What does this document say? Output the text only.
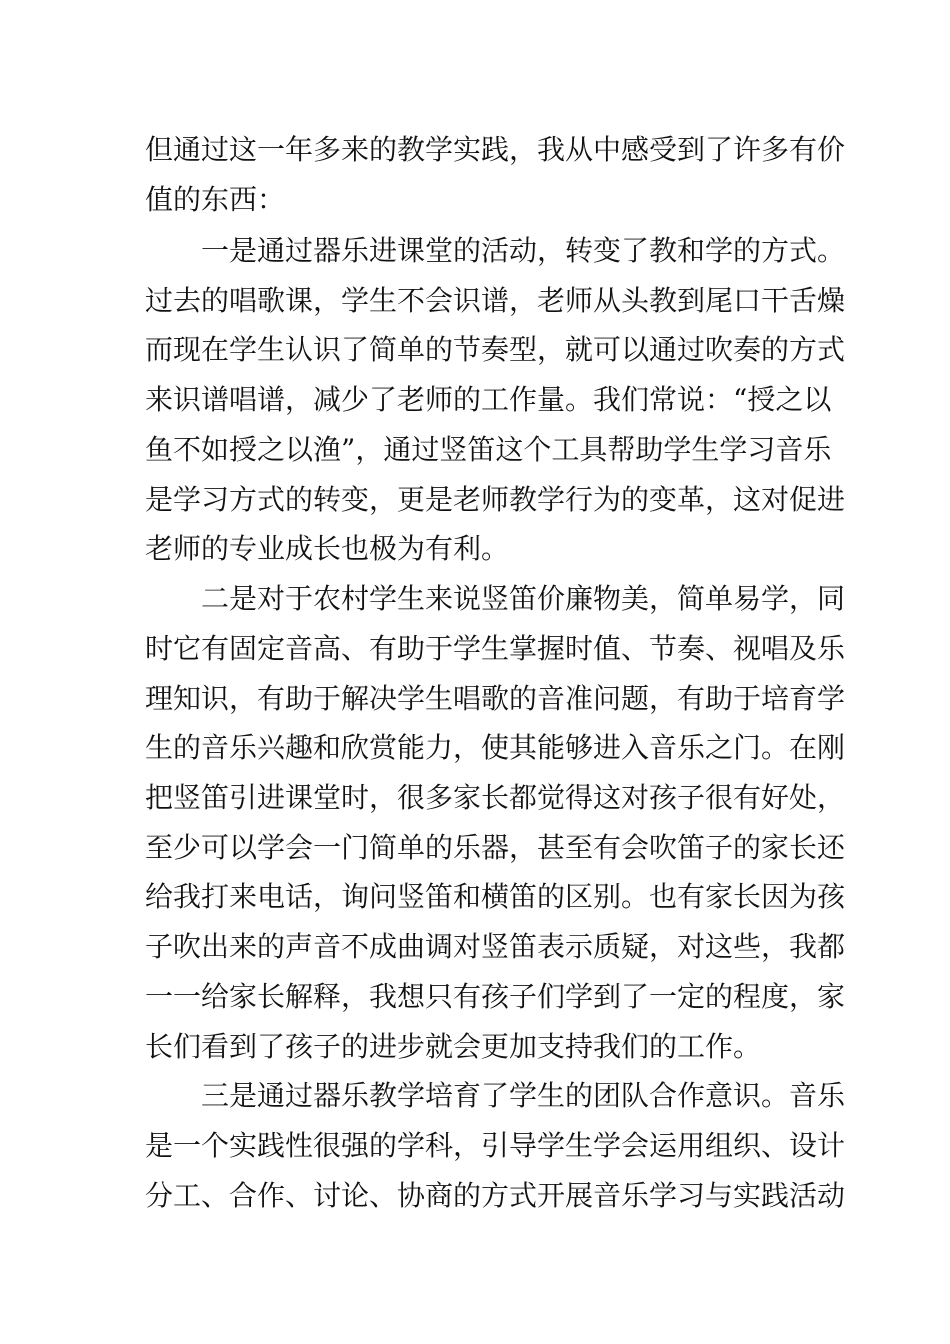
但通过这一年多来的教学实践，我从中感受到了许多有价
值的东西：
一是通过器乐进课堂的活动，转变了教和学的方式。
过去的唱歌课，学生不会识谱，老师从头教到尾口干舌燥
而现在学生认识了简单的节奏型，就可以通过吹奏的方式
来识谱唱谱，减少了老师的工作量。我们常说：“授之以
鱼不如授之以渔”，通过竖笛这个工具帮助学生学习音乐
是学习方式的转变，更是老师教学行为的变革，这对促进
老师的专业成长也极为有利。
二是对于农村学生来说竖笛价廉物美，简单易学，同
时它有固定音高、有助于学生掌握时值、节奏、视唱及乐
理知识，有助于解决学生唱歌的音准问题，有助于培育学
生的音乐兴趣和欣赏能力，使其能够进入音乐之门。在刚
把竖笛引进课堂时，很多家长都觉得这对孩子很有好处，
至少可以学会一门简单的乐器，甚至有会吹笛子的家长还
给我打来电话，询问竖笛和横笛的区别。也有家长因为孩
子吹出来的声音不成曲调对竖笛表示质疑，对这些，我都
一一给家长解释，我想只有孩子们学到了一定的程度，家
长们看到了孩子的进步就会更加支持我们的工作。
三是通过器乐教学培育了学生的团队合作意识。音乐
是一个实践性很强的学科，引导学生学会运用组织、设计
分工、合作、讨论、协商的方式开展音乐学习与实践活动
